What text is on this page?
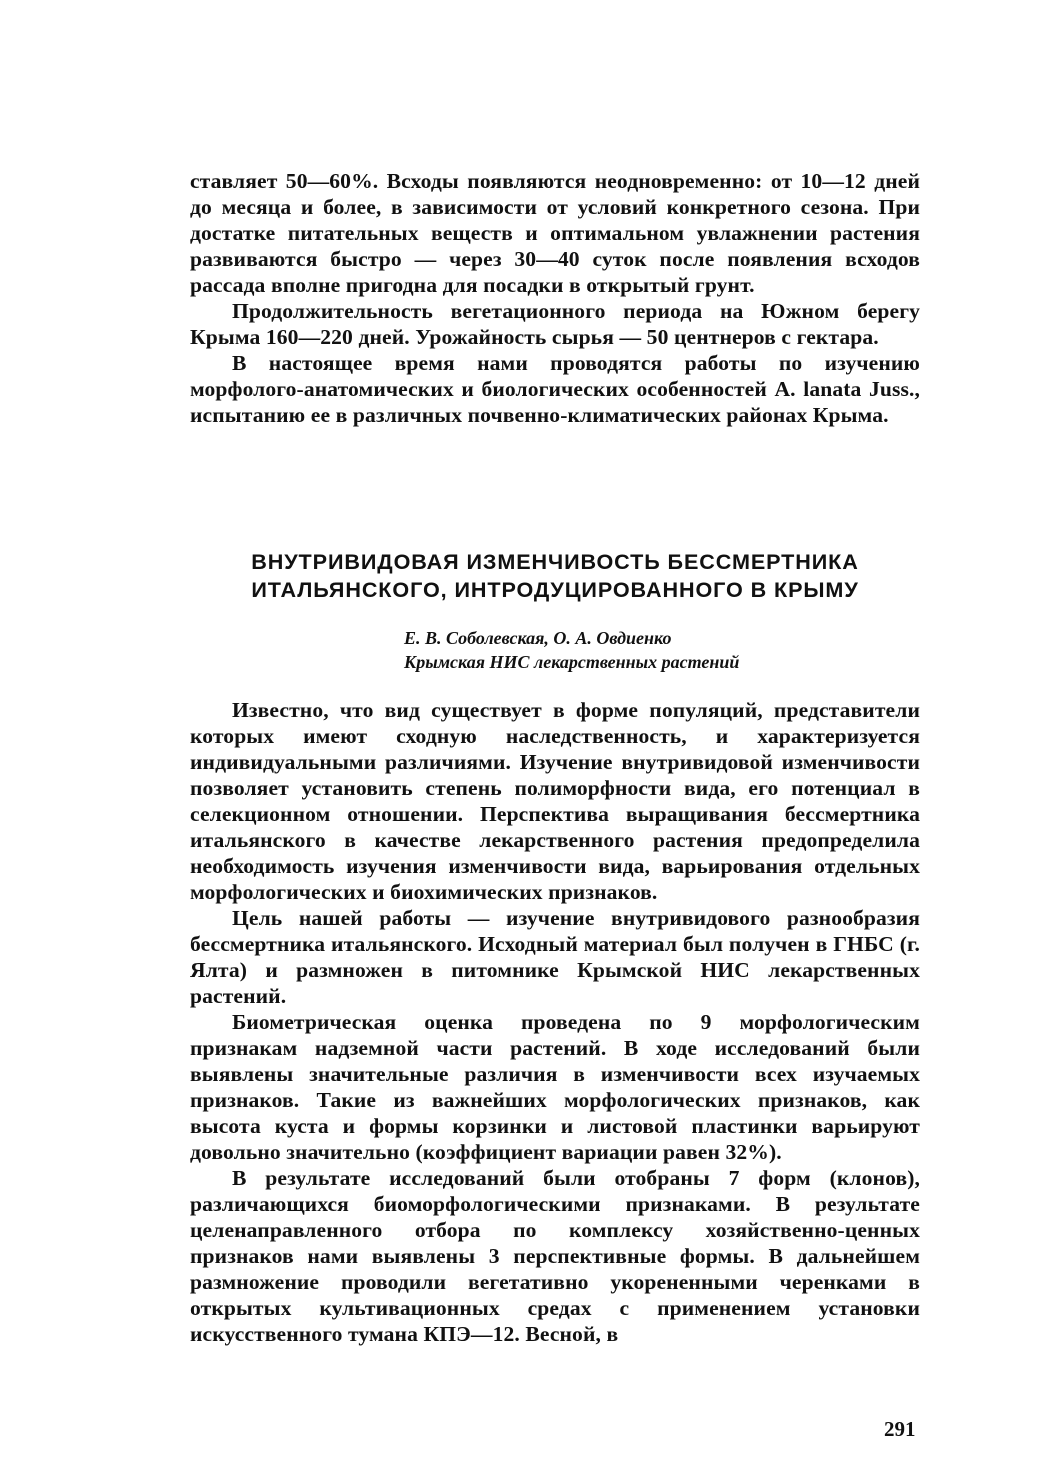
ставляет 50—60%. Всходы появляются неодновременно: от 10—12 дней до месяца и более, в зависимости от условий конкретного сезона. При достатке питательных веществ и оптимальном увлажнении растения развиваются быстро — через 30—40 суток после появления всходов рассада вполне пригодна для посадки в открытый грунт.

Продолжительность вегетационного периода на Южном берегу Крыма 160—220 дней. Урожайность сырья — 50 центнеров с гектара.

В настоящее время нами проводятся работы по изучению морфолого-анатомических и биологических особенностей A. lanata Juss., испытанию ее в различных почвенно-климатических районах Крыма.

ВНУТРИВИДОВАЯ ИЗМЕНЧИВОСТЬ БЕССМЕРТНИКА
ИТАЛЬЯНСКОГО, ИНТРОДУЦИРОВАННОГО В КРЫМУ
Е. В. Соболевская, О. А. Овдиенко
Крымская НИС лекарственных растений

Известно, что вид существует в форме популяций, представители которых имеют сходную наследственность, и характеризуется индивидуальными различиями. Изучение внутривидовой изменчивости позволяет установить степень полиморфности вида, его потенциал в селекционном отношении. Перспектива выращивания бессмертника итальянского в качестве лекарственного растения предопределила необходимость изучения изменчивости вида, варьирования отдельных морфологических и биохимических признаков.

Цель нашей работы — изучение внутривидового разнообразия бессмертника итальянского. Исходный материал был получен в ГНБС (г. Ялта) и размножен в питомнике Крымской НИС лекарственных растений.

Биометрическая оценка проведена по 9 морфологическим признакам надземной части растений. В ходе исследований были выявлены значительные различия в изменчивости всех изучаемых признаков. Такие из важнейших морфологических признаков, как высота куста и формы корзинки и листовой пластинки варьируют довольно значительно (коэффициент вариации равен 32%).

В результате исследований были отобраны 7 форм (клонов), различающихся биоморфологическими признаками. В результате целенаправленного отбора по комплексу хозяйственно-ценных признаков нами выявлены 3 перспективные формы. В дальнейшем размножение проводили вегетативно укорененными черенками в открытых культивационных средах с применением установки искусственного тумана КПЭ—12. Весной, в

291
